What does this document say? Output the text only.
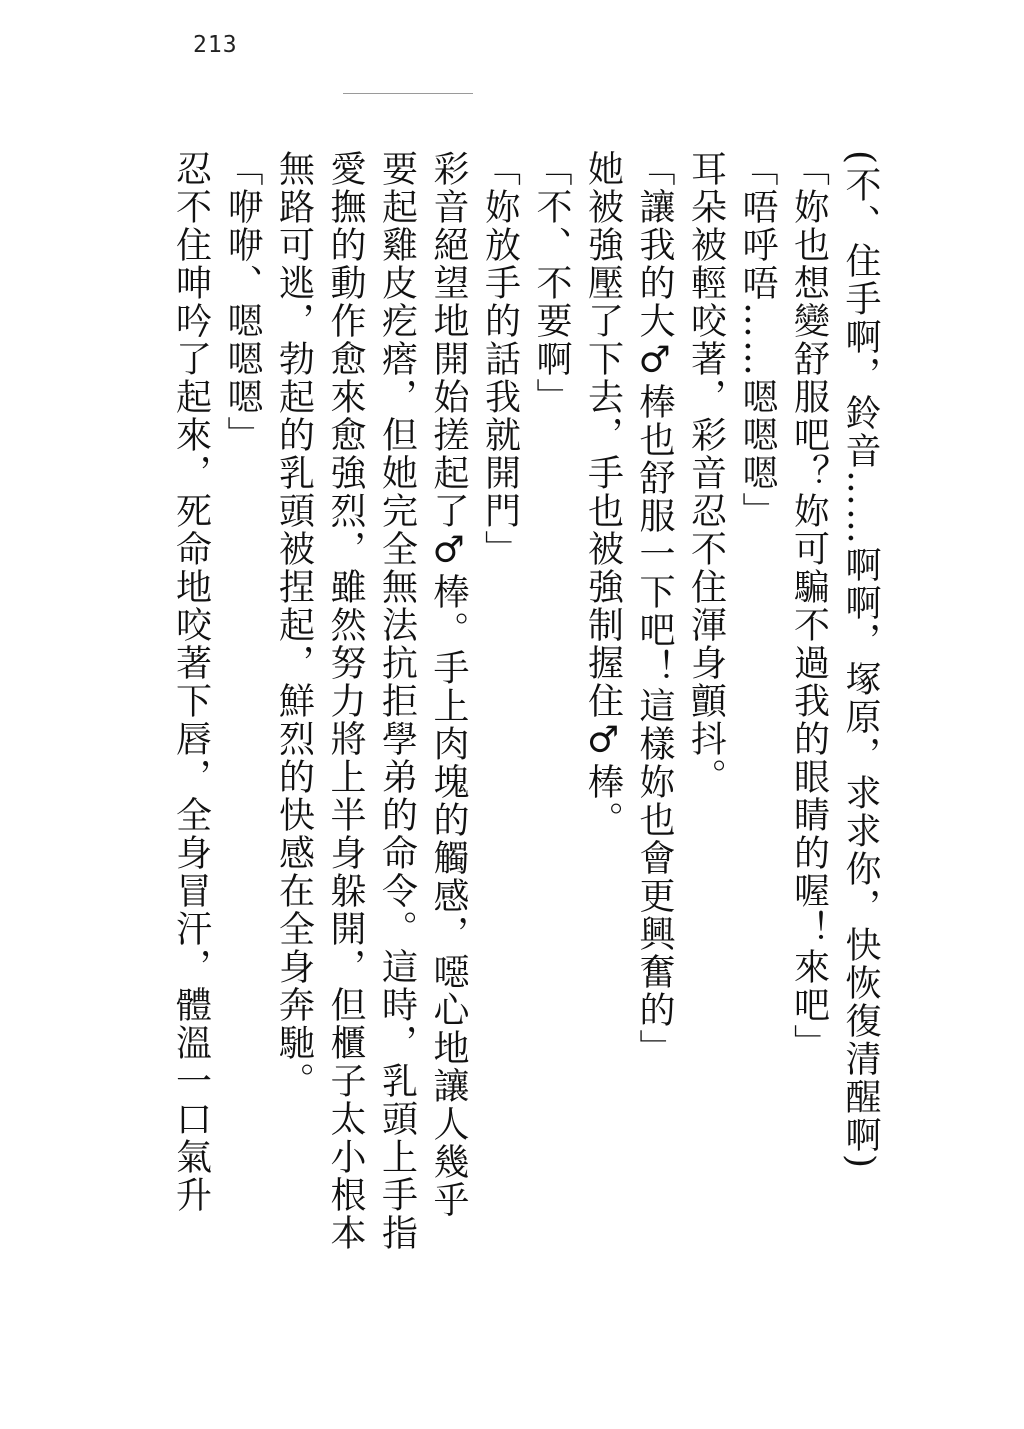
213
(不、住手啊，鈴音……啊啊，塚原，求求你，快恢復清醒啊)
「妳也想變舒服吧？妳可騙不過我的眼睛的喔！來吧」
「唔呼唔……嗯嗯嗯」
耳朵被輕咬著，彩音忍不住渾身顫抖。
「讓我的大♂棒也舒服一下吧！這樣妳也會更興奮的」
她被強壓了下去，手也被強制握住♂棒。
「不、不要啊」
「妳放手的話我就開門」
彩音絕望地開始搓起了♂棒。手上肉塊的觸感，噁心地讓人幾乎
要起雞皮疙瘩，但她完全無法抗拒學弟的命令。這時，乳頭上手指
愛撫的動作愈來愈強烈，雖然努力將上半身躲開，但櫃子太小根本
無路可逃，勃起的乳頭被捏起，鮮烈的快感在全身奔馳。
「咿咿、嗯嗯嗯」
忍不住呻吟了起來，死命地咬著下唇，全身冒汗，體溫一口氣升
